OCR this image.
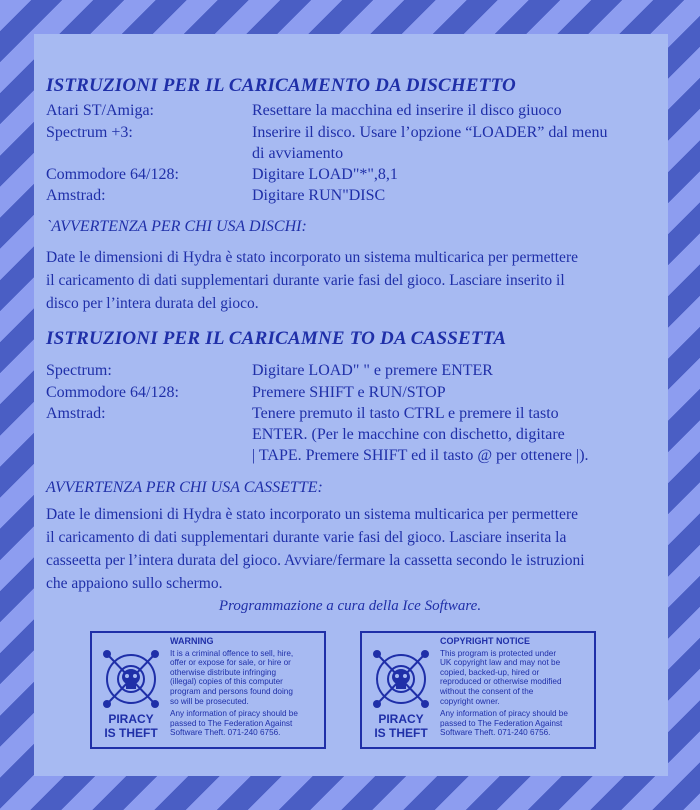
ISTRUZIONI PER IL CARICAMENTO DA DISCHETTO
Atari ST/Amiga:	Resettare la macchina ed inserire il disco giuoco
Spectrum +3:	Inserire il disco. Usare l’opzione “LOADER” dal menu
di avviamento
Commodore 64/128:	Digitare LOAD"*",8,1
Amstrad:	Digitare RUN"DISC
`AVVERTENZA PER CHI USA DISCHI:
Date le dimensioni di Hydra è stato incorporato un sistema multicarica per permettere
il caricamento di dati supplementari durante varie fasi del gioco. Lasciare inserito il
disco per l’intera durata del gioco.
ISTRUZIONI PER IL CARICAMNE TO DA CASSETTA
Spectrum:	Digitare LOAD" " e premere ENTER
Commodore 64/128:	Premere SHIFT e RUN/STOP
Amstrad:	Tenere premuto il tasto CTRL e premere il tasto
ENTER. (Per le macchine con dischetto, digitare
| TAPE. Premere SHIFT ed il tasto @ per ottenere |).
AVVERTENZA PER CHI USA CASSETTE:
Date le dimensioni di Hydra è stato incorporato un sistema multicarica per permettere
il caricamento di dati supplementari durante varie fasi del gioco. Lasciare inserita la
casseetta per l’intera durata del gioco. Avviare/fermare la cassetta secondo le istruzioni
che appaiono sullo schermo.
Programmazione a cura della Ice Software.
PIRACY
IS THEFT
WARNING
It is a criminal offence to sell, hire,
offer or expose for sale, or hire or
otherwise distribute infringing
(illegal) copies of this computer
program and persons found doing
so will be prosecuted.
Any information of piracy should be
passed to The Federation Against
Software Theft. 071-240 6756.
PIRACY
IS THEFT
COPYRIGHT NOTICE
This program is protected under
UK copyright law and may not be
copied, backed-up, hired or
reproduced or otherwise modified
without the consent of the
copyright owner.
Any information of piracy should be
passed to The Federation Against
Software Theft. 071-240 6756.
